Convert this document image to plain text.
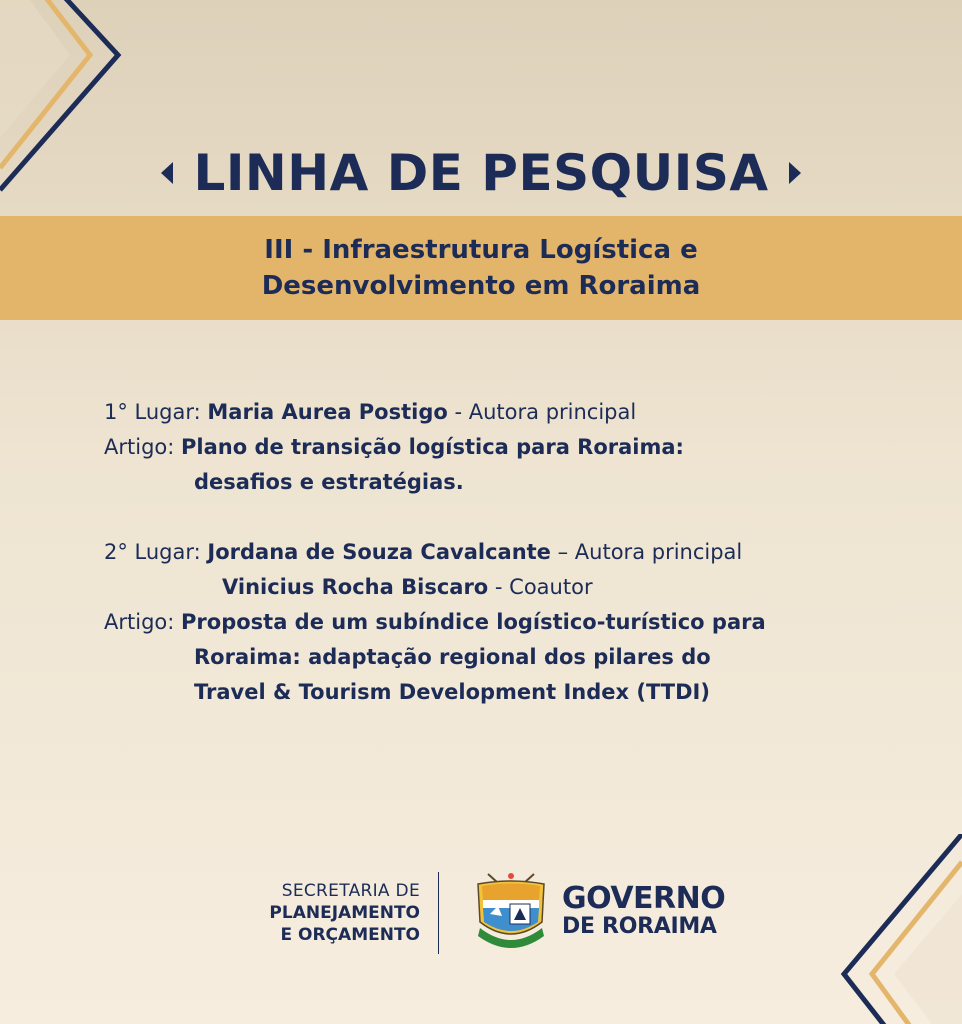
LINHA DE PESQUISA
III - Infraestrutura Logística e
Desenvolvimento em Roraima
1° Lugar:
Maria Aurea Postigo
- Autora principal
Artigo:
Plano de transição logística para Roraima:
desafios e estratégias.
2° Lugar:
Jordana de Souza Cavalcante
– Autora principal
Vinicius Rocha Biscaro
- Coautor
Artigo:
Proposta de um subíndice logístico-turístico para
Roraima: adaptação regional dos pilares do
Travel & Tourism Development Index (TTDI)
SECRETARIA DE
PLANEJAMENTO
E ORÇAMENTO
GOVERNO
DE RORAIMA
